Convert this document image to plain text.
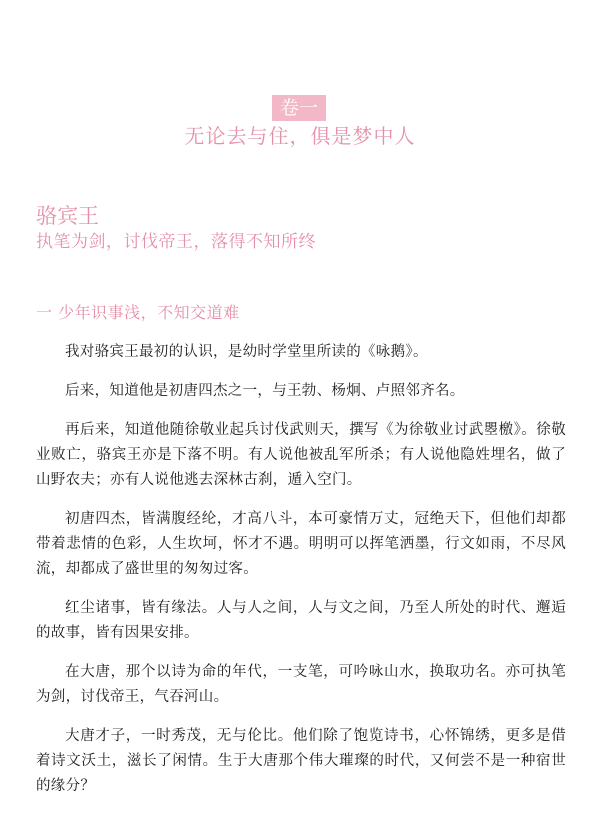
卷一
无论去与住，俱是梦中人
骆宾王
执笔为剑，讨伐帝王，落得不知所终
一 少年识事浅，不知交道难

我对骆宾王最初的认识，是幼时学堂里所读的《咏鹅》。

后来，知道他是初唐四杰之一，与王勃、杨炯、卢照邻齐名。

再后来，知道他随徐敬业起兵讨伐武则天，撰写《为徐敬业讨武瞾檄》。徐敬业败亡，骆宾王亦是下落不明。有人说他被乱军所杀；有人说他隐姓埋名，做了山野农夫；亦有人说他逃去深林古刹，遁入空门。

初唐四杰，皆满腹经纶，才高八斗，本可豪情万丈，冠绝天下，但他们却都带着悲情的色彩，人生坎坷，怀才不遇。明明可以挥笔洒墨，行文如雨，不尽风流，却都成了盛世里的匆匆过客。

红尘诸事，皆有缘法。人与人之间，人与文之间，乃至人所处的时代、邂逅的故事，皆有因果安排。

在大唐，那个以诗为命的年代，一支笔，可吟咏山水，换取功名。亦可执笔为剑，讨伐帝王，气吞河山。

大唐才子，一时秀茂，无与伦比。他们除了饱览诗书，心怀锦绣，更多是借着诗文沃土，滋长了闲情。生于大唐那个伟大璀璨的时代，又何尝不是一种宿世的缘分？
